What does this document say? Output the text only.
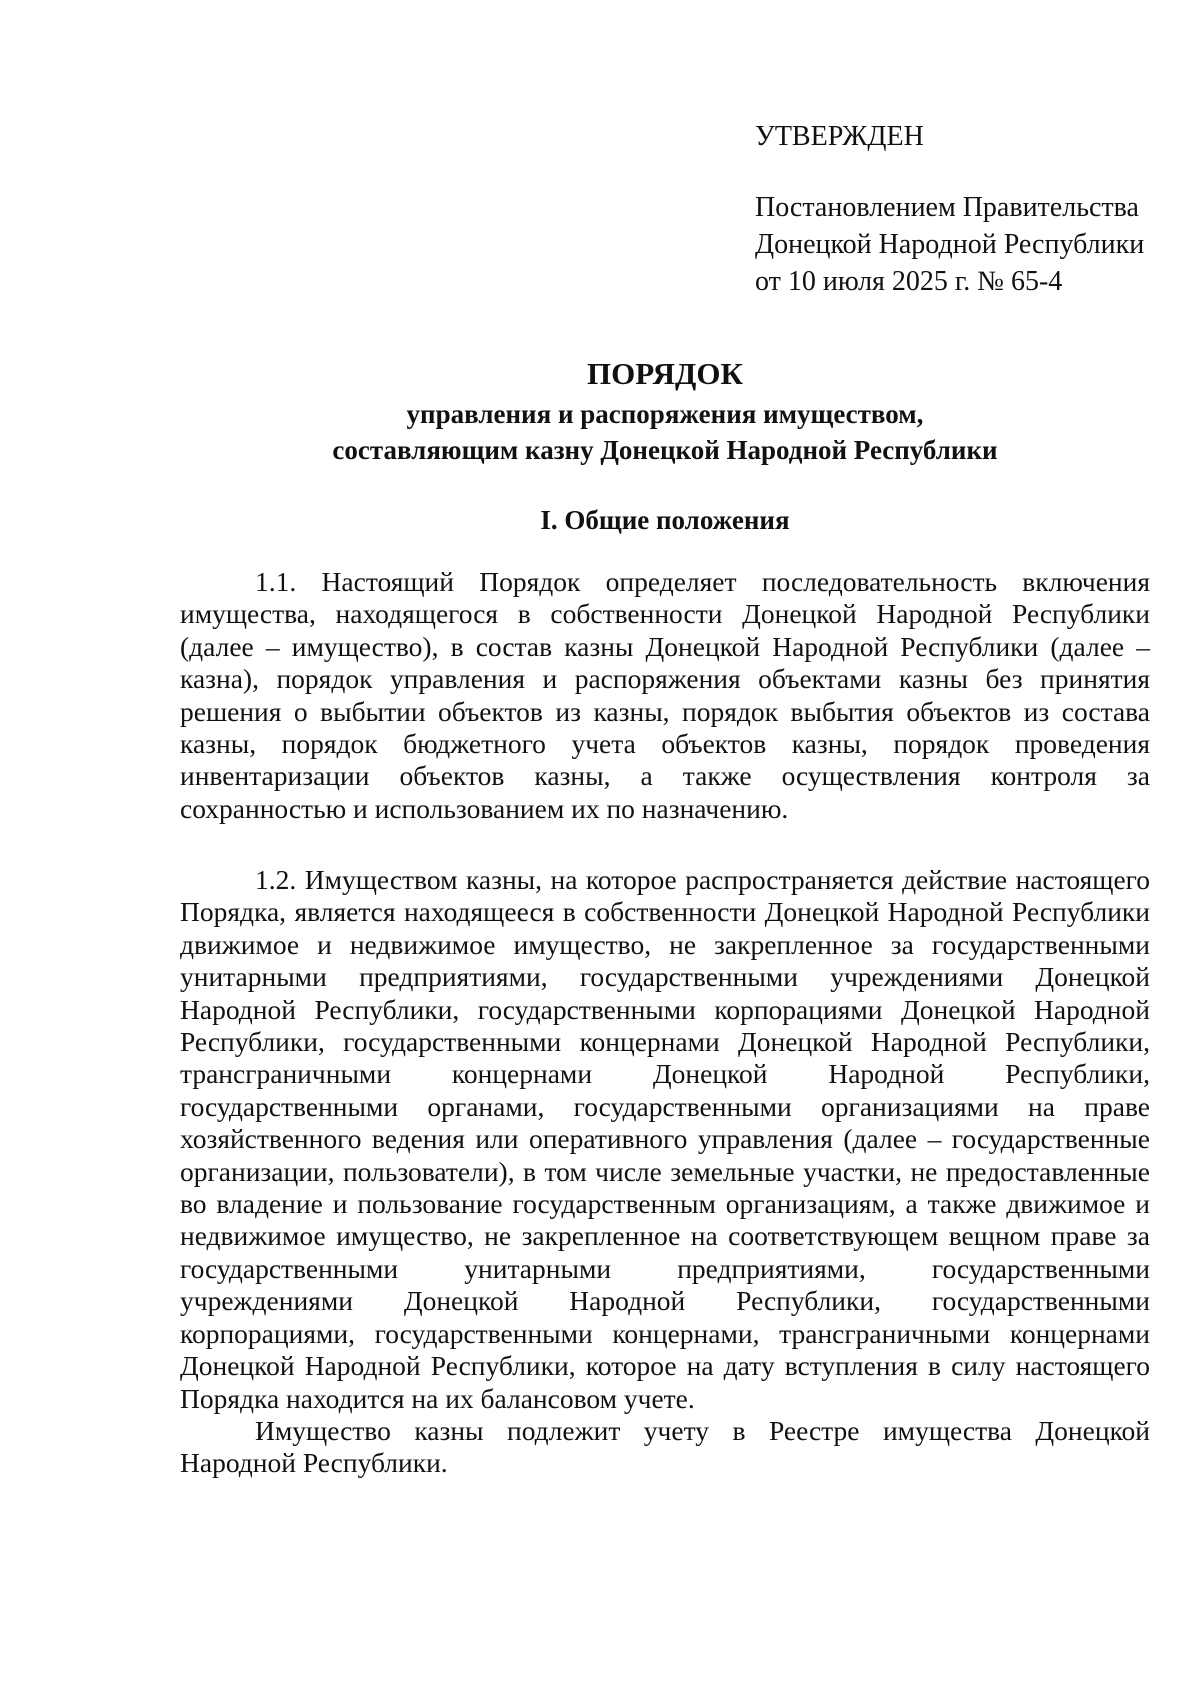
УТВЕРЖДЕН
Постановлением Правительства
Донецкой Народной Республики
от 10 июля 2025 г. № 65-4
ПОРЯДОК
управления и распоряжения имуществом,
составляющим казну Донецкой Народной Республики
I. Общие положения

1.1. Настоящий Порядок определяет последовательность включения имущества, находящегося в собственности Донецкой Народной Республики (далее – имущество), в состав казны Донецкой Народной Республики (далее – казна), порядок управления и распоряжения объектами казны без принятия решения о выбытии объектов из казны, порядок выбытия объектов из состава казны, порядок бюджетного учета объектов казны, порядок проведения инвентаризации объектов казны, а также осуществления контроля за сохранностью и использованием их по назначению.

1.2. Имуществом казны, на которое распространяется действие настоящего Порядка, является находящееся в собственности Донецкой Народной Республики движимое и недвижимое имущество, не закрепленное за государственными унитарными предприятиями, государственными учреждениями Донецкой Народной Республики, государственными корпорациями Донецкой Народной Республики, государственными концернами Донецкой Народной Республики, трансграничными концернами Донецкой Народной Республики, государственными органами, государственными организациями на праве хозяйственного ведения или оперативного управления (далее – государственные организации, пользователи), в том числе земельные участки, не предоставленные во владение и пользование государственным организациям, а также движимое и недвижимое имущество, не закрепленное на соответствующем вещном праве за государственными унитарными предприятиями, государственными учреждениями Донецкой Народной Республики, государственными корпорациями, государственными концернами, трансграничными концернами Донецкой Народной Республики, которое на дату вступления в силу настоящего Порядка находится на их балансовом учете.

Имущество казны подлежит учету в Реестре имущества Донецкой Народной Республики.
